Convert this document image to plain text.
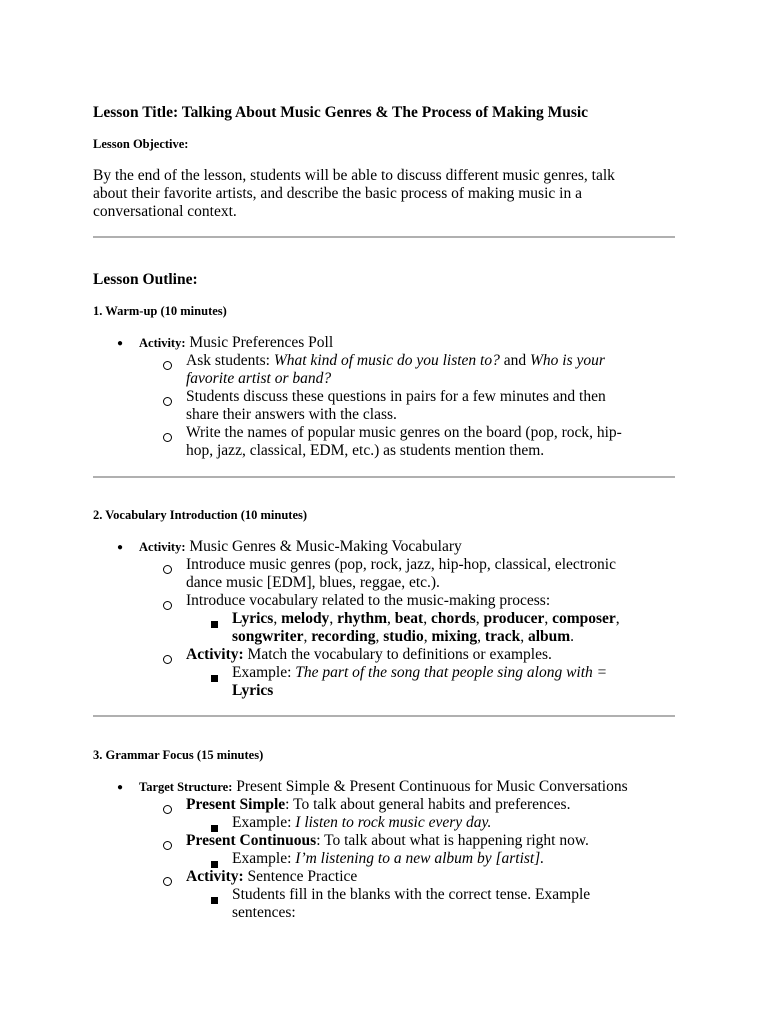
Lesson Title: Talking About Music Genres & The Process of Making Music
Lesson Objective:
By the end of the lesson, students will be able to discuss different music genres, talk
about their favorite artists, and describe the basic process of making music in a
conversational context.
Lesson Outline:
1. Warm-up (10 minutes)
● Activity: Music Preferences Poll
Ask students: What kind of music do you listen to? and Who is your
favorite artist or band?
Students discuss these questions in pairs for a few minutes and then
share their answers with the class.
Write the names of popular music genres on the board (pop, rock, hip-
hop, jazz, classical, EDM, etc.) as students mention them.
2. Vocabulary Introduction (10 minutes)
● Activity: Music Genres & Music-Making Vocabulary
Introduce music genres (pop, rock, jazz, hip-hop, classical, electronic
dance music [EDM], blues, reggae, etc.).
Introduce vocabulary related to the music-making process:
Lyrics, melody, rhythm, beat, chords, producer, composer,
songwriter, recording, studio, mixing, track, album.
Activity: Match the vocabulary to definitions or examples.
Example: The part of the song that people sing along with =
Lyrics
3. Grammar Focus (15 minutes)
● Target Structure: Present Simple & Present Continuous for Music Conversations
Present Simple: To talk about general habits and preferences.
Example: I listen to rock music every day.
Present Continuous: To talk about what is happening right now.
Example: I’m listening to a new album by [artist].
Activity: Sentence Practice
Students fill in the blanks with the correct tense. Example
sentences:
